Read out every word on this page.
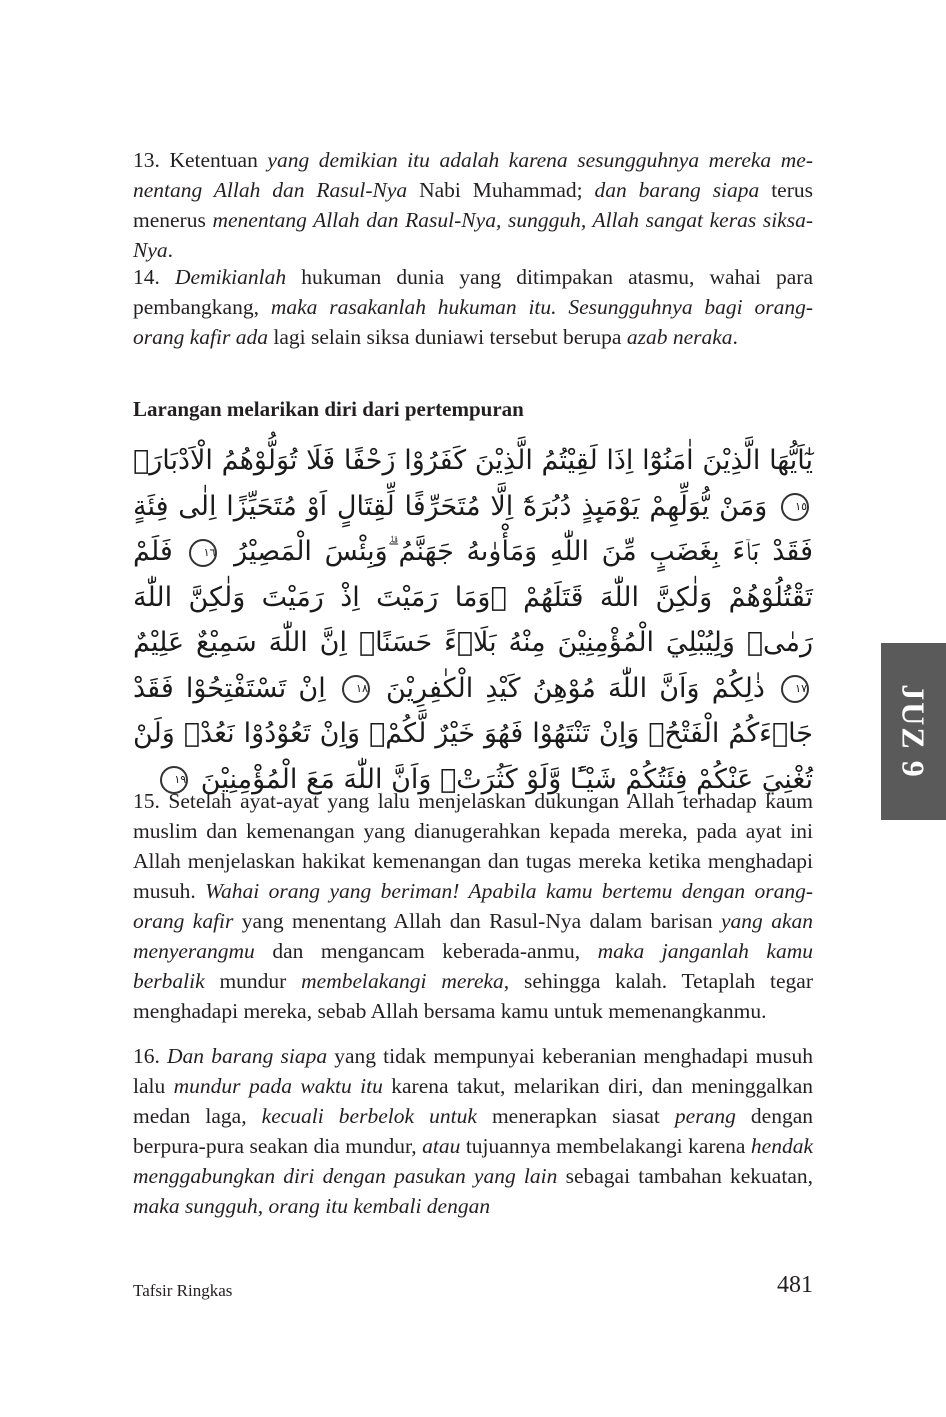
13. Ketentuan yang demikian itu adalah karena sesungguhnya mereka menentang Allah dan Rasul-Nya Nabi Muhammad; dan barang siapa terus menerus menentang Allah dan Rasul-Nya, sungguh, Allah sangat keras siksa-Nya.

14. Demikianlah hukuman dunia yang ditimpakan atasmu, wahai para pembangkang, maka rasakanlah hukuman itu. Sesungguhnya bagi orang-orang kafir ada lagi selain siksa duniawi tersebut berupa azab neraka.

Larangan melarikan diri dari pertempuran

يٰٓاَيُّهَا الَّذِيْنَ اٰمَنُوْٓا اِذَا لَقِيْتُمُ الَّذِيْنَ كَفَرُوْا زَحْفًا فَلَا تُوَلُّوْهُمُ الْاَدْبَارَۚ ١٥ وَمَنْ يُّوَلِّهِمْ يَوْمَىِٕذٍ دُبُرَهٗٓ اِلَّا مُتَحَرِّفًا لِّقِتَالٍ اَوْ مُتَحَيِّزًا اِلٰى فِئَةٍ فَقَدْ بَاۤءَ بِغَضَبٍ مِّنَ اللّٰهِ وَمَأْوٰىهُ جَهَنَّمُ ۗوَبِئْسَ الْمَصِيْرُ ١٦ فَلَمْ تَقْتُلُوْهُمْ وَلٰكِنَّ اللّٰهَ قَتَلَهُمْ ۖوَمَا رَمَيْتَ اِذْ رَمَيْتَ وَلٰكِنَّ اللّٰهَ رَمٰىۚ وَلِيُبْلِيَ الْمُؤْمِنِيْنَ مِنْهُ بَلَاۤءً حَسَنًاۗ اِنَّ اللّٰهَ سَمِيْعٌ عَلِيْمٌ ١٧ ذٰلِكُمْ وَاَنَّ اللّٰهَ مُوْهِنُ كَيْدِ الْكٰفِرِيْنَ ١٨ اِنْ تَسْتَفْتِحُوْا فَقَدْ جَاۤءَكُمُ الْفَتْحُۚ وَاِنْ تَنْتَهُوْا فَهُوَ خَيْرٌ لَّكُمْۚ وَاِنْ تَعُوْدُوْا نَعُدْۚ وَلَنْ تُغْنِيَ عَنْكُمْ فِئَتُكُمْ شَيْـًٔا وَّلَوْ كَثُرَتْۙ وَاَنَّ اللّٰهَ مَعَ الْمُؤْمِنِيْنَ ١٩

15. Setelah ayat-ayat yang lalu menjelaskan dukungan Allah terhadap kaum muslim dan kemenangan yang dianugerahkan kepada mereka, pada ayat ini Allah menjelaskan hakikat kemenangan dan tugas mereka ketika menghadapi musuh. Wahai orang yang beriman! Apabila kamu bertemu dengan orang-orang kafir yang menentang Allah dan Rasul-Nya dalam barisan yang akan menyerangmu dan mengancam keberada-anmu, maka janganlah kamu berbalik mundur membelakangi mereka, sehingga kalah. Tetaplah tegar menghadapi mereka, sebab Allah bersama kamu untuk memenangkanmu.

16. Dan barang siapa yang tidak mempunyai keberanian menghadapi musuh lalu mundur pada waktu itu karena takut, melarikan diri, dan meninggalkan medan laga, kecuali berbelok untuk menerapkan siasat perang dengan berpura-pura seakan dia mundur, atau tujuannya membelakangi karena hendak menggabungkan diri dengan pasukan yang lain sebagai tambahan kekuatan, maka sungguh, orang itu kembali dengan

JUZ 9
Tafsir Ringkas	481
